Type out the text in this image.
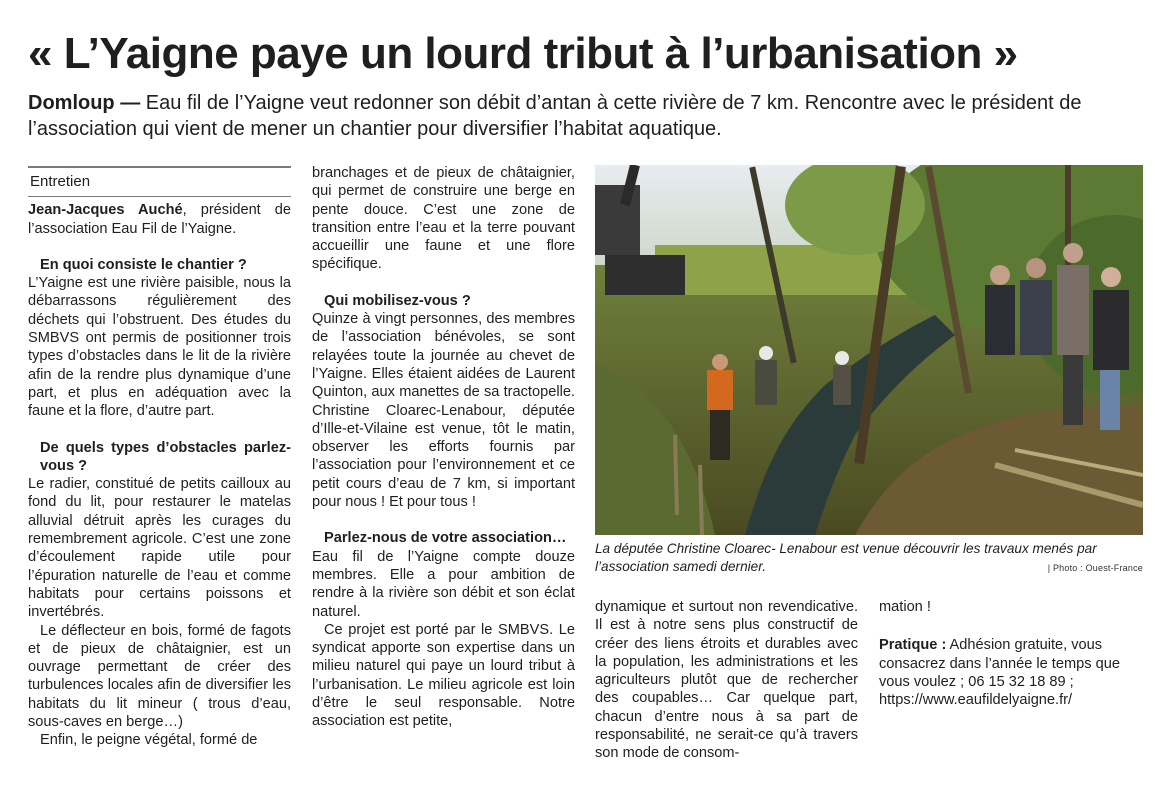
« L’Yaigne paye un lourd tribut à l’urbanisation »

Domloup — Eau fil de l’Yaigne veut redonner son débit d’antan à cette rivière de 7 km. Rencontre avec le président de l’association qui vient de mener un chantier pour diversifier l’habitat aquatique.

Entretien

Jean-Jacques Auché, président de l’association Eau Fil de l’Yaigne.

En quoi consiste le chantier ?

L’Yaigne est une rivière paisible, nous la débarrassons régulièrement des déchets qui l’obstruent. Des études du SMBVS ont permis de positionner trois types d’obstacles dans le lit de la rivière afin de la rendre plus dynamique d’une part, et plus en adéquation avec la faune et la flore, d’autre part.

De quels types d’obstacles parlez-vous ?

Le radier, constitué de petits cailloux au fond du lit, pour restaurer le matelas alluvial détruit après les curages du remembrement agricole. C’est une zone d’écoulement rapide utile pour l’épuration naturelle de l’eau et comme habitats pour certains poissons et invertébrés.

Le déflecteur en bois, formé de fagots et de pieux de châtaignier, est un ouvrage permettant de créer des turbulences locales afin de diversifier les habitats du lit mineur ( trous d’eau, sous-caves en berge…)

Enfin, le peigne végétal, formé de

branchages et de pieux de châtaignier, qui permet de construire une berge en pente douce. C’est une zone de transition entre l’eau et la terre pouvant accueillir une faune et une flore spécifique.

Qui mobilisez-vous ?

Quinze à vingt personnes, des membres de l’association bénévoles, se sont relayées toute la journée au chevet de l’Yaigne. Elles étaient aidées de Laurent Quinton, aux manettes de sa tractopelle. Christine Cloarec-Lenabour, députée d’Ille-et-Vilaine est venue, tôt le matin, observer les efforts fournis par l’association pour l’environnement et ce petit cours d’eau de 7 km, si important pour nous ! Et pour tous !

Parlez-nous de votre association…

Eau fil de l’Yaigne compte douze membres. Elle a pour ambition de rendre à la rivière son débit et son éclat naturel.

Ce projet est porté par le SMBVS. Le syndicat apporte son expertise dans un milieu naturel qui paye un lourd tribut à l’urbanisation. Le milieu agricole est loin d’être le seul responsable. Notre association est petite,

La députée Christine Cloarec- Lenabour est venue découvrir les travaux menés par l’association samedi dernier.	| Photo : Ouest-France

dynamique et surtout non revendicative. Il est à notre sens plus constructif de créer des liens étroits et durables avec la population, les administrations et les agriculteurs plutôt que de rechercher des coupables… Car quelque part, chacun d’entre nous à sa part de responsabilité, ne serait-ce qu’à travers son mode de consom-

mation !

Pratique : Adhésion gratuite, vous consacrez dans l’année le temps que vous voulez ; 06 15 32 18 89 ; https://www.eaufildelyaigne.fr/
